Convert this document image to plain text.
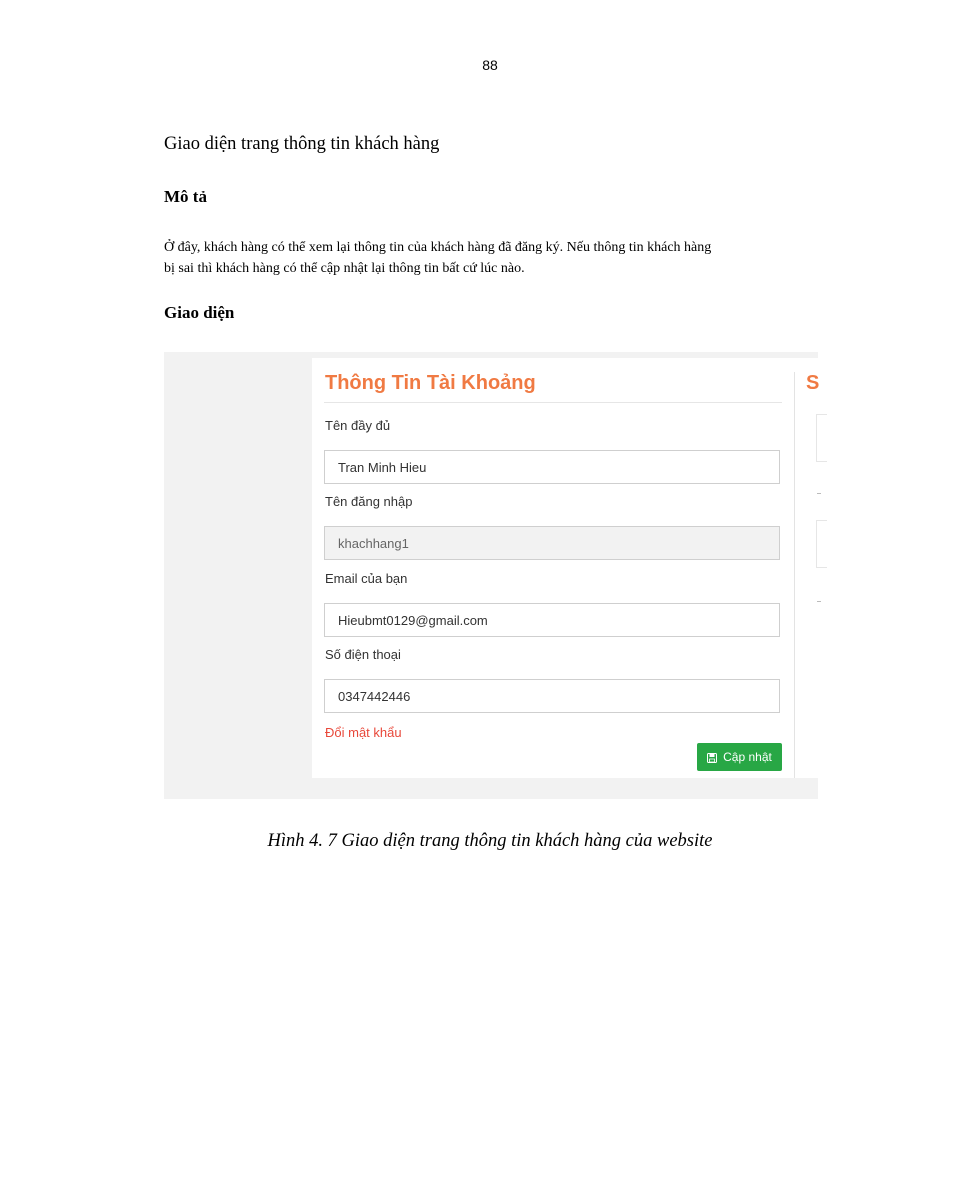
88
Giao diện trang thông tin khách hàng
Mô tả

Ở đây, khách hàng có thể xem lại thông tin của khách hàng đã đăng ký. Nếu thông tin khách hàng

bị sai thì khách hàng có thể cập nhật lại thông tin bất cứ lúc nào.

Giao diện
Thông Tin Tài Khoảng
Tên đầy đủ
Tran Minh Hieu
Tên đăng nhập
khachhang1
Email của bạn
Hieubmt0129@gmail.com
Số điện thoại
0347442446
Đổi mật khẩu
Cập nhật
S
Hình 4. 7 Giao diện trang thông tin khách hàng của website
